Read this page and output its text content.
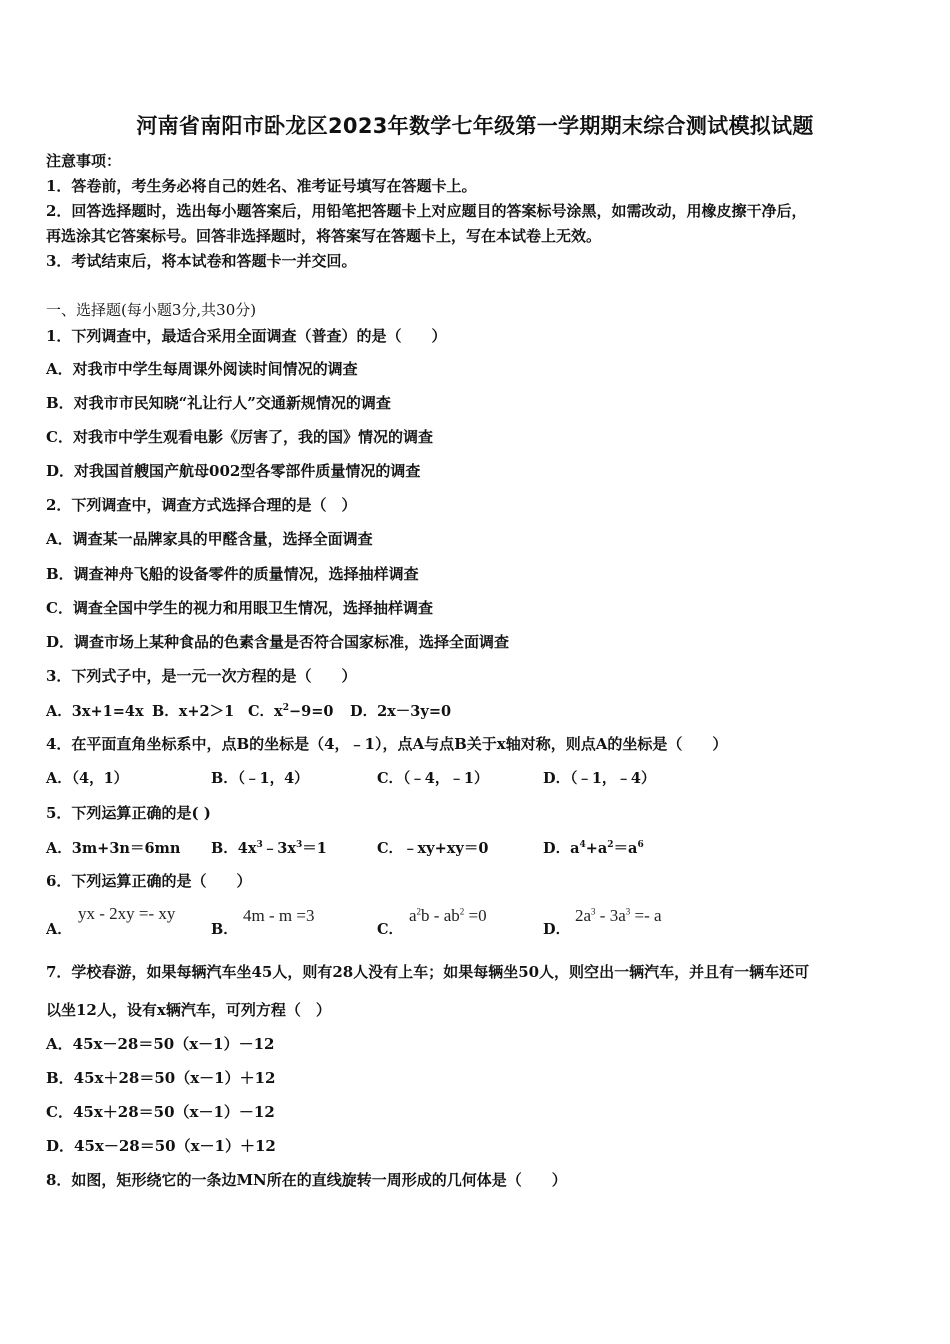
河南省南阳市卧龙区2023年数学七年级第一学期期末综合测试模拟试题
注意事项：
1．答卷前，考生务必将自己的姓名、准考证号填写在答题卡上。
2．回答选择题时，选出每小题答案后，用铅笔把答题卡上对应题目的答案标号涂黑，如需改动，用橡皮擦干净后，
再选涂其它答案标号。回答非选择题时，将答案写在答题卡上，写在本试卷上无效。
3．考试结束后，将本试卷和答题卡一并交回。
一、选择题(每小题3分,共30分)
1．下列调查中，最适合采用全面调查（普查）的是（　　）
A．对我市中学生每周课外阅读时间情况的调查
B．对我市市民知晓“礼让行人”交通新规情况的调查
C．对我市中学生观看电影《厉害了，我的国》情况的调查
D．对我国首艘国产航母002型各零部件质量情况的调查
2．下列调查中，调查方式选择合理的是（　）
A．调查某一品牌家具的甲醛含量，选择全面调查
B．调查神舟飞船的设备零件的质量情况，选择抽样调查
C．调查全国中学生的视力和用眼卫生情况，选择抽样调查
D．调查市场上某种食品的色素含量是否符合国家标准，选择全面调查
3．下列式子中，是一元一次方程的是（　　）
A．3x+1=4x B．x+2＞1 C．$x^2-9=0$ D．2x－3y=0
4．在平面直角坐标系中，点B的坐标是（4，﹣1），点A与点B关于x轴对称，则点A的坐标是（　　）
A．（4，1）	B．（﹣1，4）	C．（﹣4，﹣1）	D．（﹣1，﹣4）
5．下列运算正确的是( )
A．3m+3n＝6mn B．$4x^3﹣3x^3=1$	C．﹣xy+xy＝0	D．$a^4+a^2=a^6$
6．下列运算正确的是（　　）
A．
yx - 2xy =- xy
B．
4m - m =3
C．
$a^2b - ab^2 =0$
D．
$2a^3 - 3a^3 =- a$
7．学校春游，如果每辆汽车坐45人，则有28人没有上车；如果每辆坐50人，则空出一辆汽车，并且有一辆车还可
以坐12人，设有x辆汽车，可列方程（　）
A．45x－28＝50（x－1）－12
B．45x＋28＝50（x－1）＋12
C．45x＋28＝50（x－1）－12
D．45x－28＝50（x－1）＋12
8．如图，矩形绕它的一条边MN所在的直线旋转一周形成的几何体是（　　）
